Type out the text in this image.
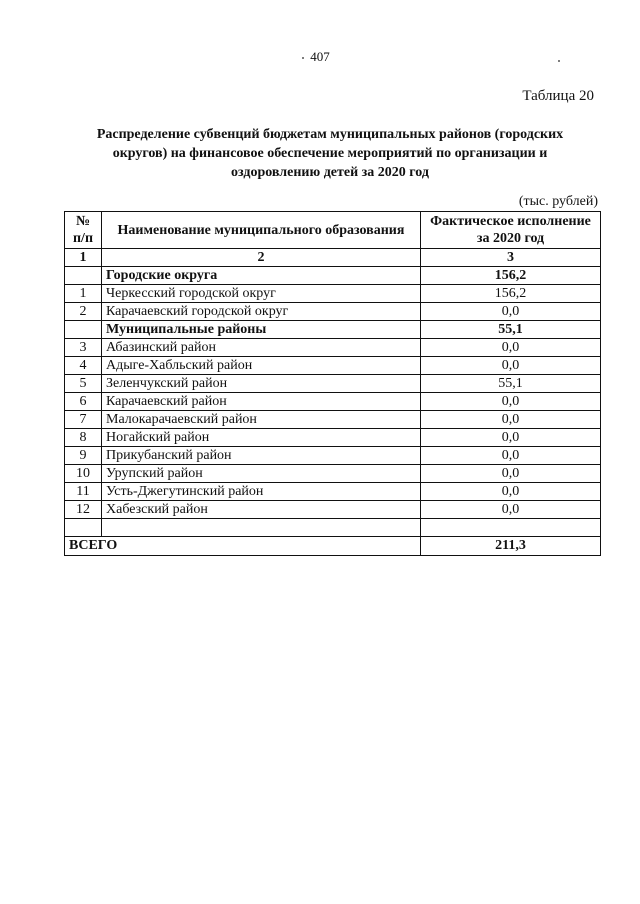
407
Таблица 20
Распределение субвенций бюджетам муниципальных районов (городских округов) на финансовое обеспечение мероприятий по организации и оздоровлению детей за 2020 год
(тыс. рублей)
№ п/п	Наименование муниципального образования	Фактическое исполнение за 2020 год
1	2	3
	Городские округа	156,2
1	Черкесский городской округ	156,2
2	Карачаевский городской округ	0,0
	Муниципальные районы	55,1
3	Абазинский район	0,0
4	Адыге-Хабльский район	0,0
5	Зеленчукский район	55,1
6	Карачаевский район	0,0
7	Малокарачаевский район	0,0
8	Ногайский район	0,0
9	Прикубанский район	0,0
10	Урупский район	0,0
11	Усть-Джегутинский район	0,0
12	Хабезский район	0,0

ВСЕГО		211,3
